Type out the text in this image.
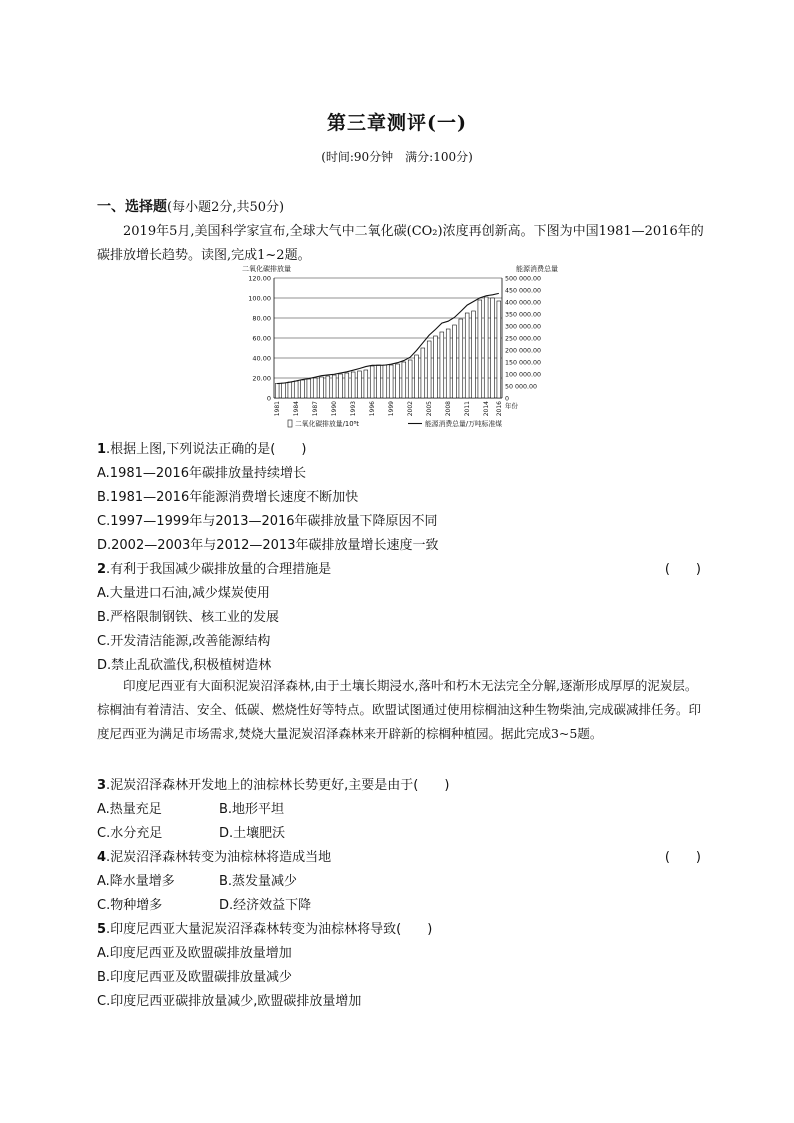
第三章测评(一)
(时间:90分钟　满分:100分)
一、选择题(每小题2分,共50分)
2019年5月,美国科学家宣布,全球大气中二氧化碳(CO₂)浓度再创新高。下图为中国1981—2016年的碳排放增长趋势。读图,完成1~2题。
0
20.00
40.00
60.00
80.00
100.00
120.00
0
50 000.00
100 000.00
150 000.00
200 000.00
250 000.00
300 000.00
350 000.00
400 000.00
450 000.00
500 000.00
二氧化碳排放量	能源消费总量
年份
1981 1984 1987 1990 1993 1996 1999 2002 2005 2008 2011 2014 2016
二氧化碳排放量/10⁸t	能源消费总量/万吨标准煤
1.根据上图,下列说法正确的是(　　)
A.1981—2016年碳排放量持续增长
B.1981—2016年能源消费增长速度不断加快
C.1997—1999年与2013—2016年碳排放量下降原因不同
D.2002—2003年与2012—2013年碳排放量增长速度一致
2.有利于我国减少碳排放量的合理措施是	(　　)
A.大量进口石油,减少煤炭使用
B.严格限制钢铁、核工业的发展
C.开发清洁能源,改善能源结构
D.禁止乱砍滥伐,积极植树造林
印度尼西亚有大面积泥炭沼泽森林,由于土壤长期浸水,落叶和朽木无法完全分解,逐渐形成厚厚的泥炭层。棕榈油有着清洁、安全、低碳、燃烧性好等特点。欧盟试图通过使用棕榈油这种生物柴油,完成碳减排任务。印度尼西亚为满足市场需求,焚烧大量泥炭沼泽森林来开辟新的棕榈种植园。据此完成3~5题。
3.泥炭沼泽森林开发地上的油棕林长势更好,主要是由于(　　)
A.热量充足	B.地形平坦
C.水分充足	D.土壤肥沃
4.泥炭沼泽森林转变为油棕林将造成当地	(　　)
A.降水量增多	B.蒸发量减少
C.物种增多	D.经济效益下降
5.印度尼西亚大量泥炭沼泽森林转变为油棕林将导致(　　)
A.印度尼西亚及欧盟碳排放量增加
B.印度尼西亚及欧盟碳排放量减少
C.印度尼西亚碳排放量减少,欧盟碳排放量增加
